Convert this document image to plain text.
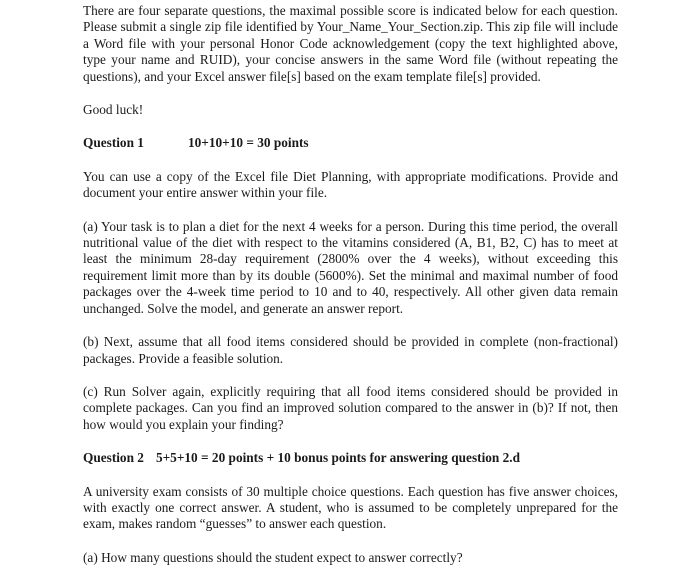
There are four separate questions, the maximal possible score is indicated below for each question. Please submit a single zip file identified by Your_Name_Your_Section.zip. This zip file will include a Word file with your personal Honor Code acknowledgement (copy the text highlighted above, type your name and RUID), your concise answers in the same Word file (without repeating the questions), and your Excel answer file[s] based on the exam template file[s] provided.

Good luck!

Question 1	10+10+10 = 30 points

You can use a copy of the Excel file Diet Planning, with appropriate modifications. Provide and document your entire answer within your file.

(a) Your task is to plan a diet for the next 4 weeks for a person. During this time period, the overall nutritional value of the diet with respect to the vitamins considered (A, B1, B2, C) has to meet at least the minimum 28-day requirement (2800% over the 4 weeks), without exceeding this requirement limit more than by its double (5600%). Set the minimal and maximal number of food packages over the 4-week time period to 10 and to 40, respectively. All other given data remain unchanged. Solve the model, and generate an answer report.

(b) Next, assume that all food items considered should be provided in complete (non-fractional) packages. Provide a feasible solution.

(c) Run Solver again, explicitly requiring that all food items considered should be provided in complete packages. Can you find an improved solution compared to the answer in (b)? If not, then how would you explain your finding?

Question 2 5+5+10 = 20 points + 10 bonus points for answering question 2.d

A university exam consists of 30 multiple choice questions. Each question has five answer choices, with exactly one correct answer. A student, who is assumed to be completely unprepared for the exam, makes random “guesses” to answer each question.

(a) How many questions should the student expect to answer correctly?
